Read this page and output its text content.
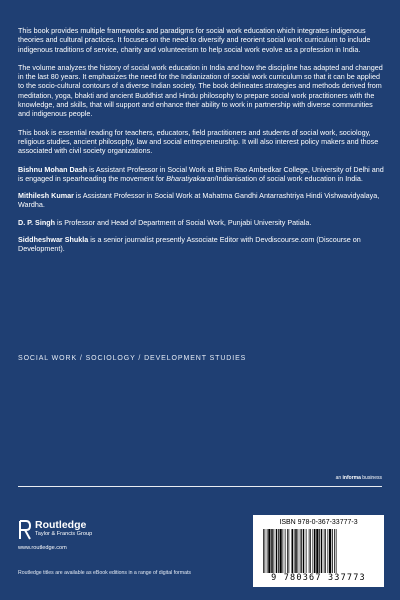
This book provides multiple frameworks and paradigms for social work education which integrates indigenous theories and cultural practices. It focuses on the need to diversify and reorient social work curriculum to include indigenous traditions of service, charity and volunteerism to help social work evolve as a profession in India.

The volume analyzes the history of social work education in India and how the discipline has adapted and changed in the last 80 years. It emphasizes the need for the Indianization of social work curriculum so that it can be applied to the socio-cultural contours of a diverse Indian society. The book delineates strategies and methods derived from meditation, yoga, bhakti and ancient Buddhist and Hindu philosophy to prepare social work practitioners with the knowledge, and skills, that will support and enhance their ability to work in partnership with diverse communities and indigenous people.

This book is essential reading for teachers, educators, field practitioners and students of social work, sociology, religious studies, ancient philosophy, law and social entrepreneurship. It will also interest policy makers and those associated with civil society organizations.

Bishnu Mohan Dash is Assistant Professor in Social Work at Bhim Rao Ambedkar College, University of Delhi and is engaged in spearheading the movement for Bharatiyakaran/Indianisation of social work education in India.

Mithilesh Kumar is Assistant Professor in Social Work at Mahatma Gandhi Antarrashtriya Hindi Vishwavidyalaya, Wardha.

D. P. Singh is Professor and Head of Department of Social Work, Punjabi University Patiala.

Siddheshwar Shukla is a senior journalist presently Associate Editor with Devdiscourse.com (Discourse on Development).

SOCIAL WORK / SOCIOLOGY / DEVELOPMENT STUDIES
an informa business
Routledge
Taylor & Francis Group
www.routledge.com
Routledge titles are available as eBook editions in a range of digital formats
ISBN 978-0-367-33777-3
9 780367 337773
